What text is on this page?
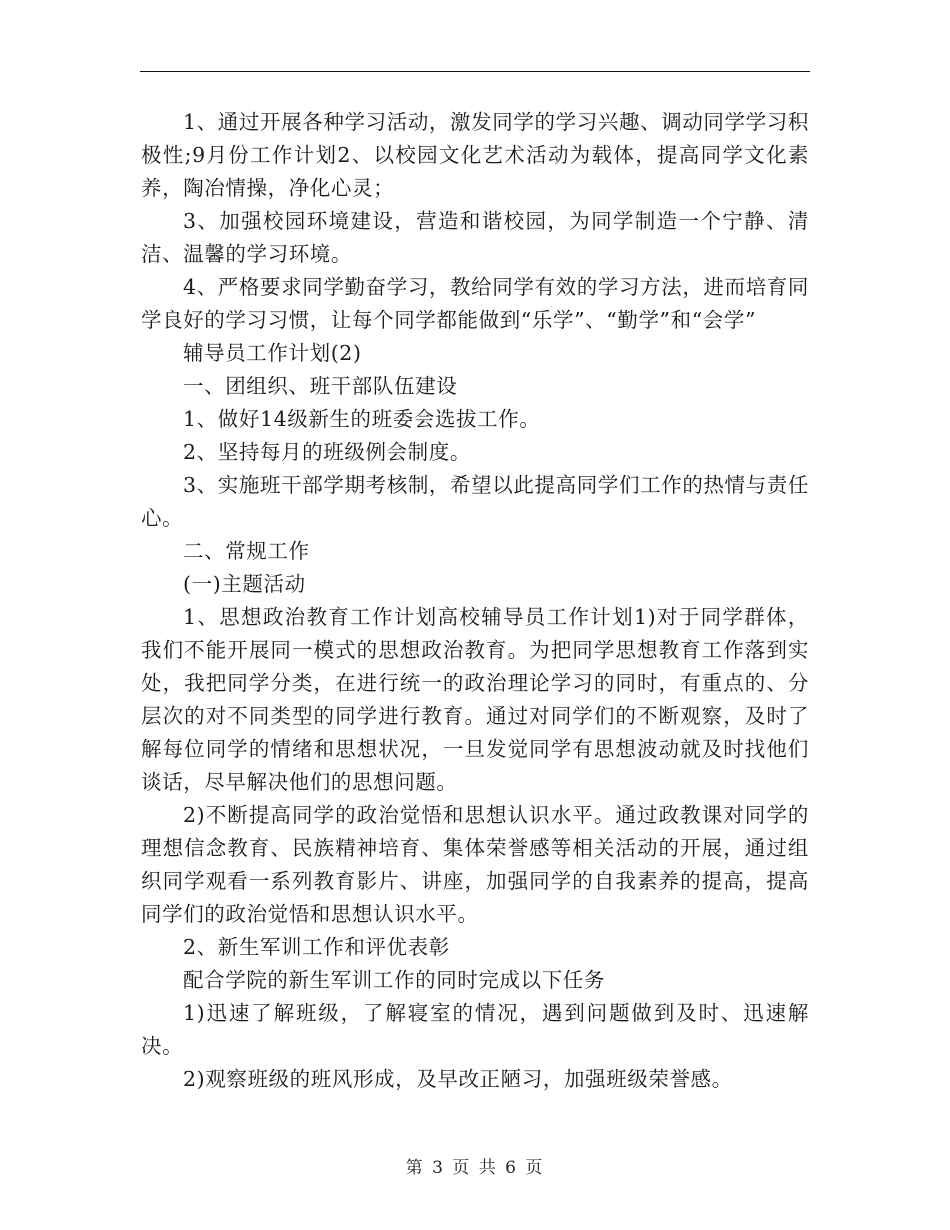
1、通过开展各种学习活动，激发同学的学习兴趣、调动同学学习积极性;9月份工作计划2、以校园文化艺术活动为载体，提高同学文化素养，陶冶情操，净化心灵；

3、加强校园环境建设，营造和谐校园，为同学制造一个宁静、清洁、温馨的学习环境。

4、严格要求同学勤奋学习，教给同学有效的学习方法，进而培育同学良好的学习习惯，让每个同学都能做到“乐学”、“勤学”和“会学”

辅导员工作计划(2)

一、团组织、班干部队伍建设

1、做好14级新生的班委会选拔工作。

2、坚持每月的班级例会制度。

3、实施班干部学期考核制，希望以此提高同学们工作的热情与责任心。

二、常规工作

(一)主题活动

1、思想政治教育工作计划高校辅导员工作计划1)对于同学群体，我们不能开展同一模式的思想政治教育。为把同学思想教育工作落到实处，我把同学分类，在进行统一的政治理论学习的同时，有重点的、分层次的对不同类型的同学进行教育。通过对同学们的不断观察，及时了解每位同学的情绪和思想状况，一旦发觉同学有思想波动就及时找他们谈话，尽早解决他们的思想问题。

2)不断提高同学的政治觉悟和思想认识水平。通过政教课对同学的理想信念教育、民族精神培育、集体荣誉感等相关活动的开展，通过组织同学观看一系列教育影片、讲座，加强同学的自我素养的提高，提高同学们的政治觉悟和思想认识水平。

2、新生军训工作和评优表彰

配合学院的新生军训工作的同时完成以下任务

1)迅速了解班级，了解寝室的情况，遇到问题做到及时、迅速解决。

2)观察班级的班风形成，及早改正陋习，加强班级荣誉感。

第 3 页 共 6 页
